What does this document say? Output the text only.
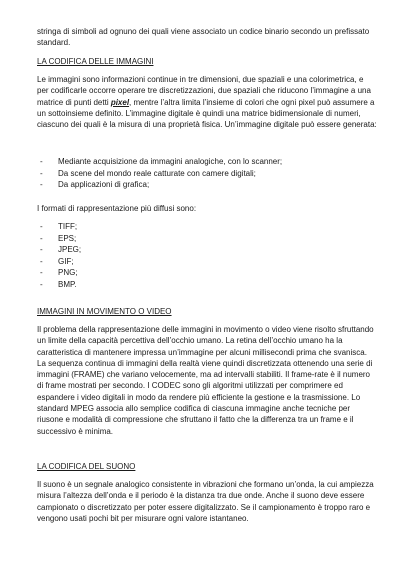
stringa di simboli ad ognuno dei quali viene associato un codice binario secondo un prefissato standard.

LA CODIFICA DELLE IMMAGINI

Le immagini sono informazioni continue in tre dimensioni, due spaziali e una colorimetrica, e per codificarle occorre operare tre discretizzazioni, due spaziali che riducono l’immagine a una matrice di punti detti pixel, mentre l’altra limita l’insieme di colori che ogni pixel può assumere a un sottoinsieme definito. L’immagine digitale è quindi una matrice bidimensionale di numeri, ciascuno dei quali è la misura di una proprietà fisica. Un’immagine digitale può essere generata:

- Mediante acquisizione da immagini analogiche, con lo scanner;
- Da scene del mondo reale catturate con camere digitali;
- Da applicazioni di grafica;

I formati di rappresentazione più diffusi sono:

- TIFF;
- EPS;
- JPEG;
- GIF;
- PNG;
- BMP.
IMMAGINI IN MOVIMENTO O VIDEO

Il problema della rappresentazione delle immagini in movimento o video viene risolto sfruttando un limite della capacità percettiva dell’occhio umano. La retina dell’occhio umano ha la caratteristica di mantenere impressa un’immagine per alcuni millisecondi prima che svanisca. La sequenza continua di immagini della realtà viene quindi discretizzata ottenendo una serie di immagini (FRAME) che variano velocemente, ma ad intervalli stabiliti. Il frame-rate è il numero di frame mostrati per secondo. I CODEC sono gli algoritmi utilizzati per comprimere ed espandere i video digitali in modo da rendere più efficiente la gestione e la trasmissione. Lo standard MPEG associa allo semplice codifica di ciascuna immagine anche tecniche per riusone e modalità di compressione che sfruttano il fatto che la differenza tra un frame e il successivo è minima.

LA CODIFICA DEL SUONO

Il suono è un segnale analogico consistente in vibrazioni che formano un’onda, la cui ampiezza misura l’altezza dell’onda e il periodo è la distanza tra due onde. Anche il suono deve essere campionato o discretizzato per poter essere digitalizzato. Se il campionamento è troppo raro e vengono usati pochi bit per misurare ogni valore istantaneo.
